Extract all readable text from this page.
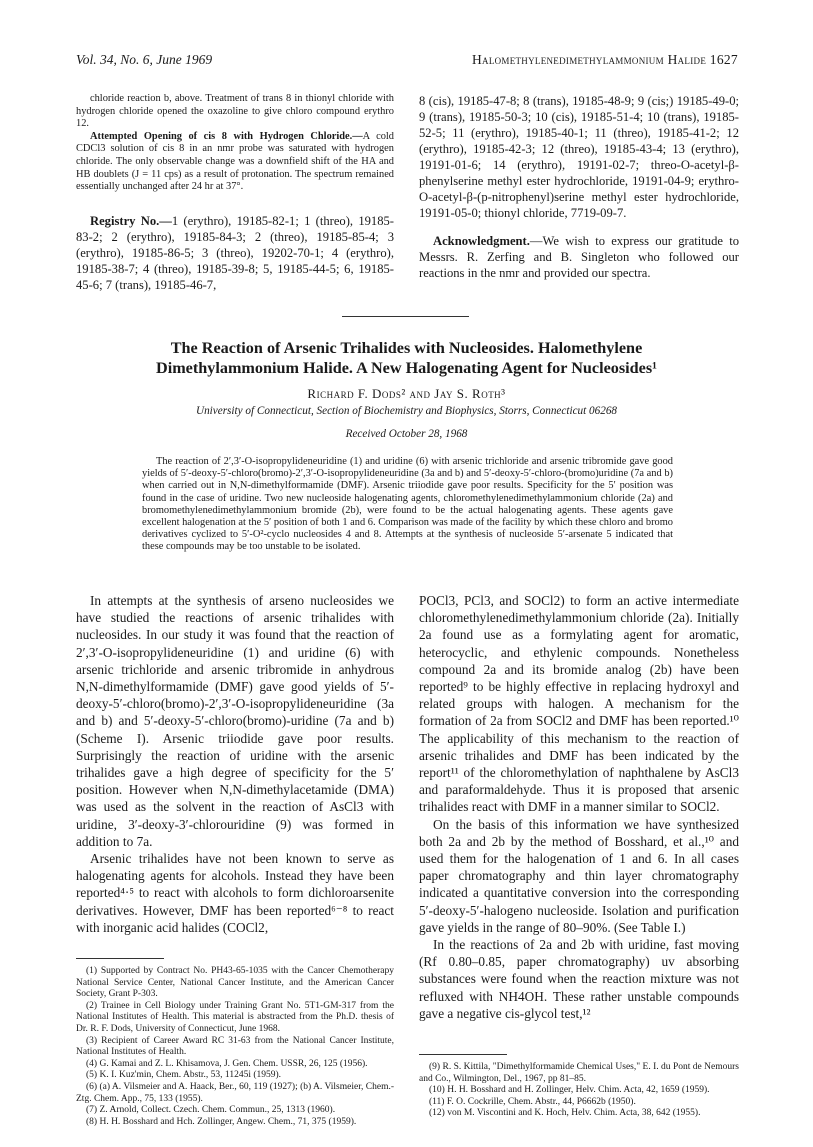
Vol. 34, No. 6, June 1969	Halomethylenedimethylammonium Halide 1627

chloride reaction b, above. Treatment of trans 8 in thionyl chloride with hydrogen chloride opened the oxazoline to give chloro compound erythro 12.

Attempted Opening of cis 8 with Hydrogen Chloride.—A cold CDCl3 solution of cis 8 in an nmr probe was saturated with hydrogen chloride. The only observable change was a downfield shift of the HA and HB doublets (J = 11 cps) as a result of protonation. The spectrum remained essentially unchanged after 24 hr at 37°.

Registry No.—1 (erythro), 19185-82-1; 1 (threo), 19185-83-2; 2 (erythro), 19185-84-3; 2 (threo), 19185-85-4; 3 (erythro), 19185-86-5; 3 (threo), 19202-70-1; 4 (erythro), 19185-38-7; 4 (threo), 19185-39-8; 5, 19185-44-5; 6, 19185-45-6; 7 (trans), 19185-46-7,

8 (cis), 19185-47-8; 8 (trans), 19185-48-9; 9 (cis;) 19185-49-0; 9 (trans), 19185-50-3; 10 (cis), 19185-51-4; 10 (trans), 19185-52-5; 11 (erythro), 19185-40-1; 11 (threo), 19185-41-2; 12 (erythro), 19185-42-3; 12 (threo), 19185-43-4; 13 (erythro), 19191-01-6; 14 (erythro), 19191-02-7; threo-O-acetyl-β-phenylserine methyl ester hydrochloride, 19191-04-9; erythro-O-acetyl-β-(p-nitrophenyl)serine methyl ester hydrochloride, 19191-05-0; thionyl chloride, 7719-09-7.

Acknowledgment.—We wish to express our gratitude to Messrs. R. Zerfing and B. Singleton who followed our reactions in the nmr and provided our spectra.

The Reaction of Arsenic Trihalides with Nucleosides. Halomethylene
Dimethylammonium Halide. A New Halogenating Agent for Nucleosides¹
Richard F. Dods² and Jay S. Roth³
University of Connecticut, Section of Biochemistry and Biophysics, Storrs, Connecticut 06268
Received October 28, 1968
The reaction of 2′,3′-O-isopropylideneuridine (1) and uridine (6) with arsenic trichloride and arsenic tribromide gave good yields of 5′-deoxy-5′-chloro(bromo)-2′,3′-O-isopropylideneuridine (3a and b) and 5′-deoxy-5′-chloro-(bromo)uridine (7a and b) when carried out in N,N-dimethylformamide (DMF). Arsenic triiodide gave poor results. Specificity for the 5′ position was found in the case of uridine. Two new nucleoside halogenating agents, chloromethylenedimethylammonium chloride (2a) and bromomethylenedimethylammonium bromide (2b), were found to be the actual halogenating agents. These agents gave excellent halogenation at the 5′ position of both 1 and 6. Comparison was made of the facility by which these chloro and bromo derivatives cyclized to 5′-O²-cyclo nucleosides 4 and 8. Attempts at the synthesis of nucleoside 5′-arsenate 5 indicated that these compounds may be too unstable to be isolated.

In attempts at the synthesis of arseno nucleosides we have studied the reactions of arsenic trihalides with nucleosides. In our study it was found that the reaction of 2′,3′-O-isopropylideneuridine (1) and uridine (6) with arsenic trichloride and arsenic tribromide in anhydrous N,N-dimethylformamide (DMF) gave good yields of 5′-deoxy-5′-chloro(bromo)-2′,3′-O-isopropylideneuridine (3a and b) and 5′-deoxy-5′-chloro(bromo)-uridine (7a and b) (Scheme I). Arsenic triiodide gave poor results. Surprisingly the reaction of uridine with the arsenic trihalides gave a high degree of specificity for the 5′ position. However when N,N-dimethylacetamide (DMA) was used as the solvent in the reaction of AsCl3 with uridine, 3′-deoxy-3′-chlorouridine (9) was formed in addition to 7a.

Arsenic trihalides have not been known to serve as halogenating agents for alcohols. Instead they have been reported⁴·⁵ to react with alcohols to form dichloroarsenite derivatives. However, DMF has been reported⁶⁻⁸ to react with inorganic acid halides (COCl2,

POCl3, PCl3, and SOCl2) to form an active intermediate chloromethylenedimethylammonium chloride (2a). Initially 2a found use as a formylating agent for aromatic, heterocyclic, and ethylenic compounds. Nonetheless compound 2a and its bromide analog (2b) have been reported⁹ to be highly effective in replacing hydroxyl and related groups with halogen. A mechanism for the formation of 2a from SOCl2 and DMF has been reported.¹⁰ The applicability of this mechanism to the reaction of arsenic trihalides and DMF has been indicated by the report¹¹ of the chloromethylation of naphthalene by AsCl3 and paraformaldehyde. Thus it is proposed that arsenic trihalides react with DMF in a manner similar to SOCl2.

On the basis of this information we have synthesized both 2a and 2b by the method of Bosshard, et al.,¹⁰ and used them for the halogenation of 1 and 6. In all cases paper chromatography and thin layer chromatography indicated a quantitative conversion into the corresponding 5′-deoxy-5′-halogeno nucleoside. Isolation and purification gave yields in the range of 80–90%. (See Table I.)

In the reactions of 2a and 2b with uridine, fast moving (Rf 0.80–0.85, paper chromatography) uv absorbing substances were found when the reaction mixture was not refluxed with NH4OH. These rather unstable compounds gave a negative cis-glycol test,¹²

(1) Supported by Contract No. PH43-65-1035 with the Cancer Chemotherapy National Service Center, National Cancer Institute, and the American Cancer Society, Grant P-303.

(2) Trainee in Cell Biology under Training Grant No. 5T1-GM-317 from the National Institutes of Health. This material is abstracted from the Ph.D. thesis of Dr. R. F. Dods, University of Connecticut, June 1968.

(3) Recipient of Career Award RC 31-63 from the National Cancer Institute, National Institutes of Health.

(4) G. Kamai and Z. L. Khisamova, J. Gen. Chem. USSR, 26, 125 (1956).

(5) K. I. Kuz'min, Chem. Abstr., 53, 11245i (1959).

(6) (a) A. Vilsmeier and A. Haack, Ber., 60, 119 (1927); (b) A. Vilsmeier, Chem.-Ztg. Chem. App., 75, 133 (1955).

(7) Z. Arnold, Collect. Czech. Chem. Commun., 25, 1313 (1960).

(8) H. H. Bosshard and Hch. Zollinger, Angew. Chem., 71, 375 (1959).

(9) R. S. Kittila, "Dimethylformamide Chemical Uses," E. I. du Pont de Nemours and Co., Wilmington, Del., 1967, pp 81–85.

(10) H. H. Bosshard and H. Zollinger, Helv. Chim. Acta, 42, 1659 (1959).

(11) F. O. Cockrille, Chem. Abstr., 44, P6662b (1950).

(12) von M. Viscontini and K. Hoch, Helv. Chim. Acta, 38, 642 (1955).
